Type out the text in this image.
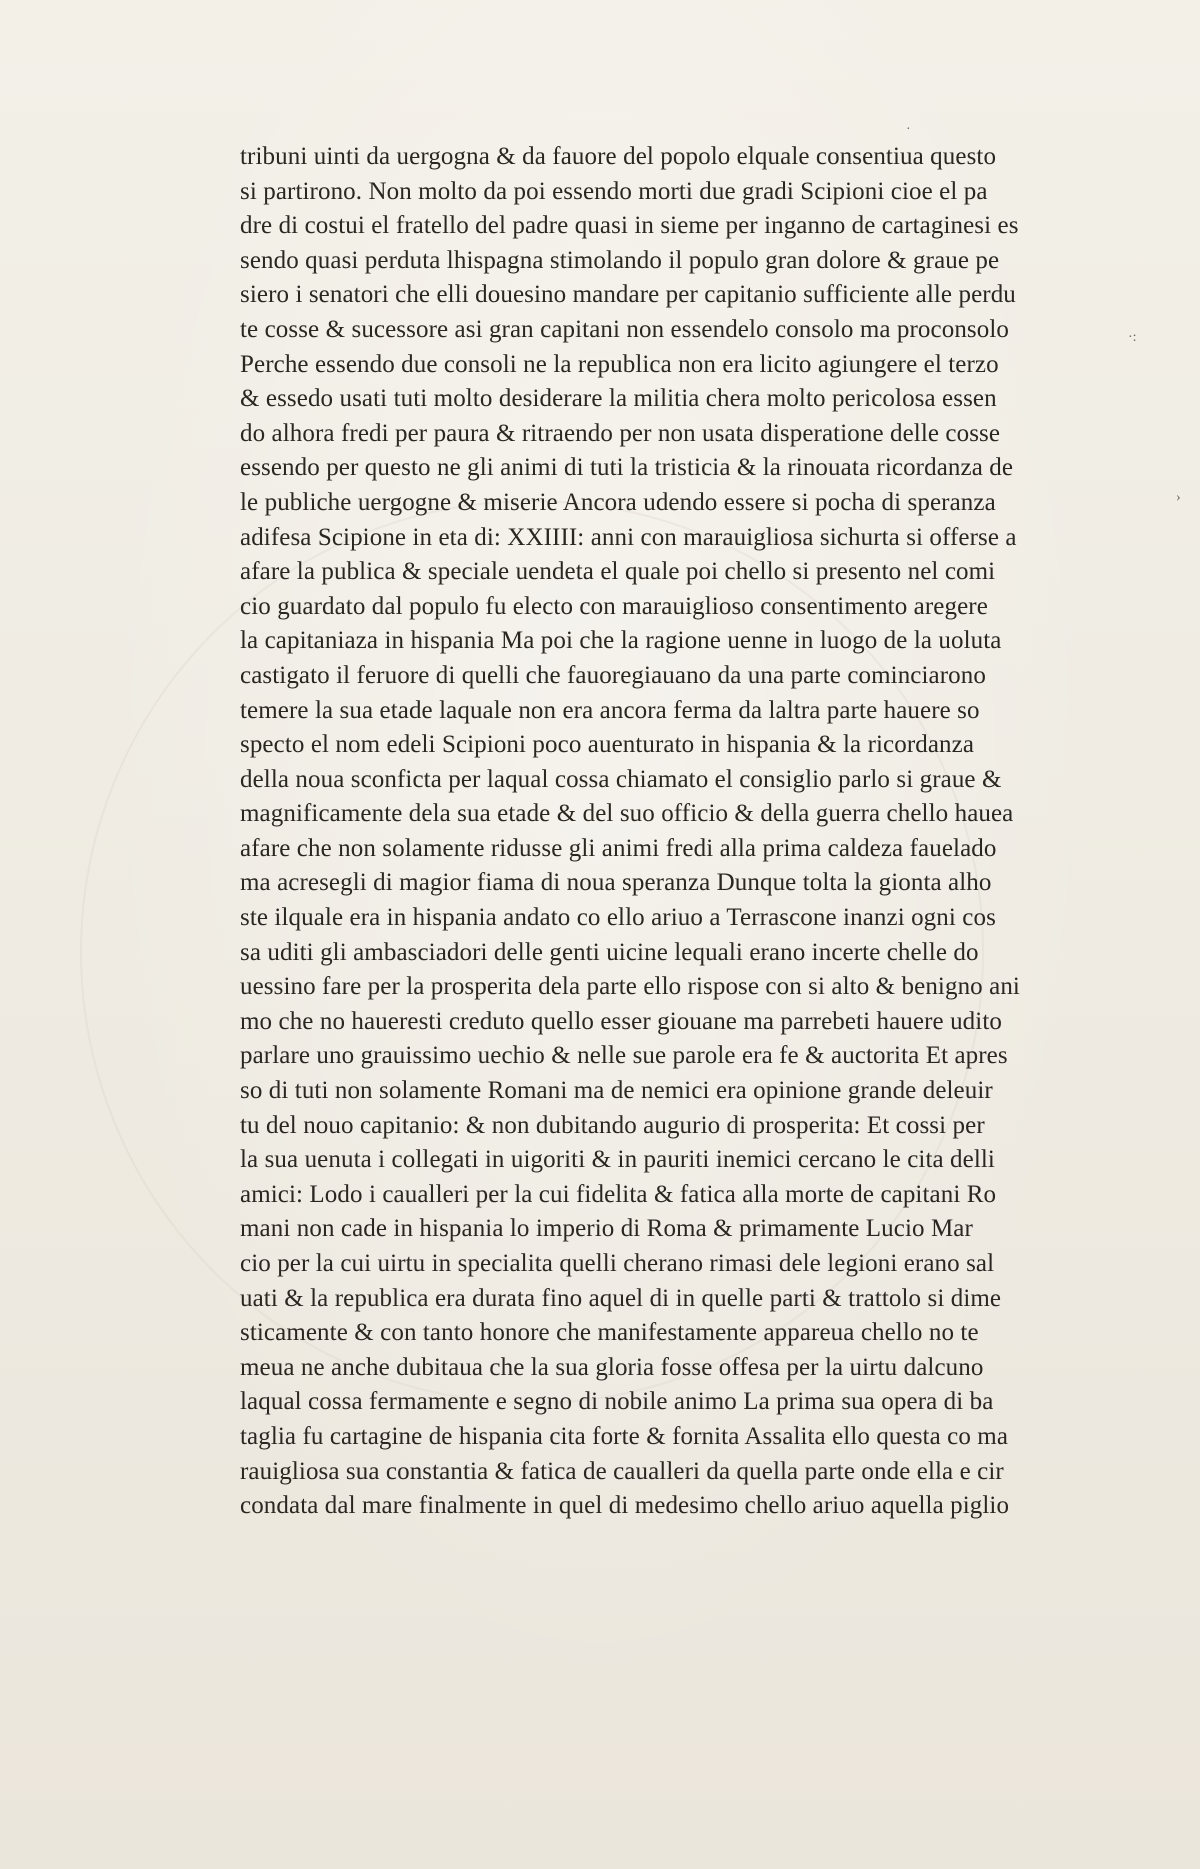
·
·:
›
tribuni uinti da uergogna & da fauore del popolo elquale consentiua questo
si partirono. Non molto da poi essendo morti due gradi Scipioni cioe el pa
dre di costui el fratello del padre quasi in sieme per inganno de cartaginesi es
sendo quasi perduta lhispagna stimolando il populo gran dolore & graue pe
siero i senatori che elli douesino mandare per capitanio sufficiente alle perdu
te cosse & sucessore asi gran capitani non essendelo consolo ma proconsolo
Perche essendo due consoli ne la republica non era licito agiungere el terzo
& essedo usati tuti molto desiderare la militia chera molto pericolosa essen
do alhora fredi per paura & ritraendo per non usata disperatione delle cosse
essendo per questo ne gli animi di tuti la tristicia & la rinouata ricordanza de
le publiche uergogne & miserie Ancora udendo essere si pocha di speranza
adifesa Scipione in eta di: XXIIII: anni con marauigliosa sichurta si offerse a
afare la publica & speciale uendeta el quale poi chello si presento nel comi
cio guardato dal populo fu electo con marauiglioso consentimento aregere
la capitaniaza in hispania Ma poi che la ragione uenne in luogo de la uoluta
castigato il feruore di quelli che fauoregiauano da una parte cominciarono
temere la sua etade laquale non era ancora ferma da laltra parte hauere so
specto el nom edeli Scipioni poco auenturato in hispania & la ricordanza
della noua sconficta per laqual cossa chiamato el consiglio parlo si graue &
magnificamente dela sua etade & del suo officio & della guerra chello hauea
afare che non solamente ridusse gli animi fredi alla prima caldeza fauelado
ma acresegli di magior fiama di noua speranza Dunque tolta la gionta alho
ste ilquale era in hispania andato co ello ariuo a Terrascone inanzi ogni cos
sa uditi gli ambasciadori delle genti uicine lequali erano incerte chelle do
uessino fare per la prosperita dela parte ello rispose con si alto & benigno ani
mo che no haueresti creduto quello esser giouane ma parrebeti hauere udito
parlare uno grauissimo uechio & nelle sue parole era fe & auctorita Et apres
so di tuti non solamente Romani ma de nemici era opinione grande deleuir
tu del nouo capitanio: & non dubitando augurio di prosperita: Et cossi per
la sua uenuta i collegati in uigoriti & in pauriti inemici cercano le cita delli
amici: Lodo i caualleri per la cui fidelita & fatica alla morte de capitani Ro
mani non cade in hispania lo imperio di Roma & primamente Lucio Mar
cio per la cui uirtu in specialita quelli cherano rimasi dele legioni erano sal
uati & la republica era durata fino aquel di in quelle parti & trattolo si dime
sticamente & con tanto honore che manifestamente appareua chello no te
meua ne anche dubitaua che la sua gloria fosse offesa per la uirtu dalcuno
laqual cossa fermamente e segno di nobile animo La prima sua opera di ba
taglia fu cartagine de hispania cita forte & fornita Assalita ello questa co ma
rauigliosa sua constantia & fatica de caualleri da quella parte onde ella e cir
condata dal mare finalmente in quel di medesimo chello ariuo aquella piglio
